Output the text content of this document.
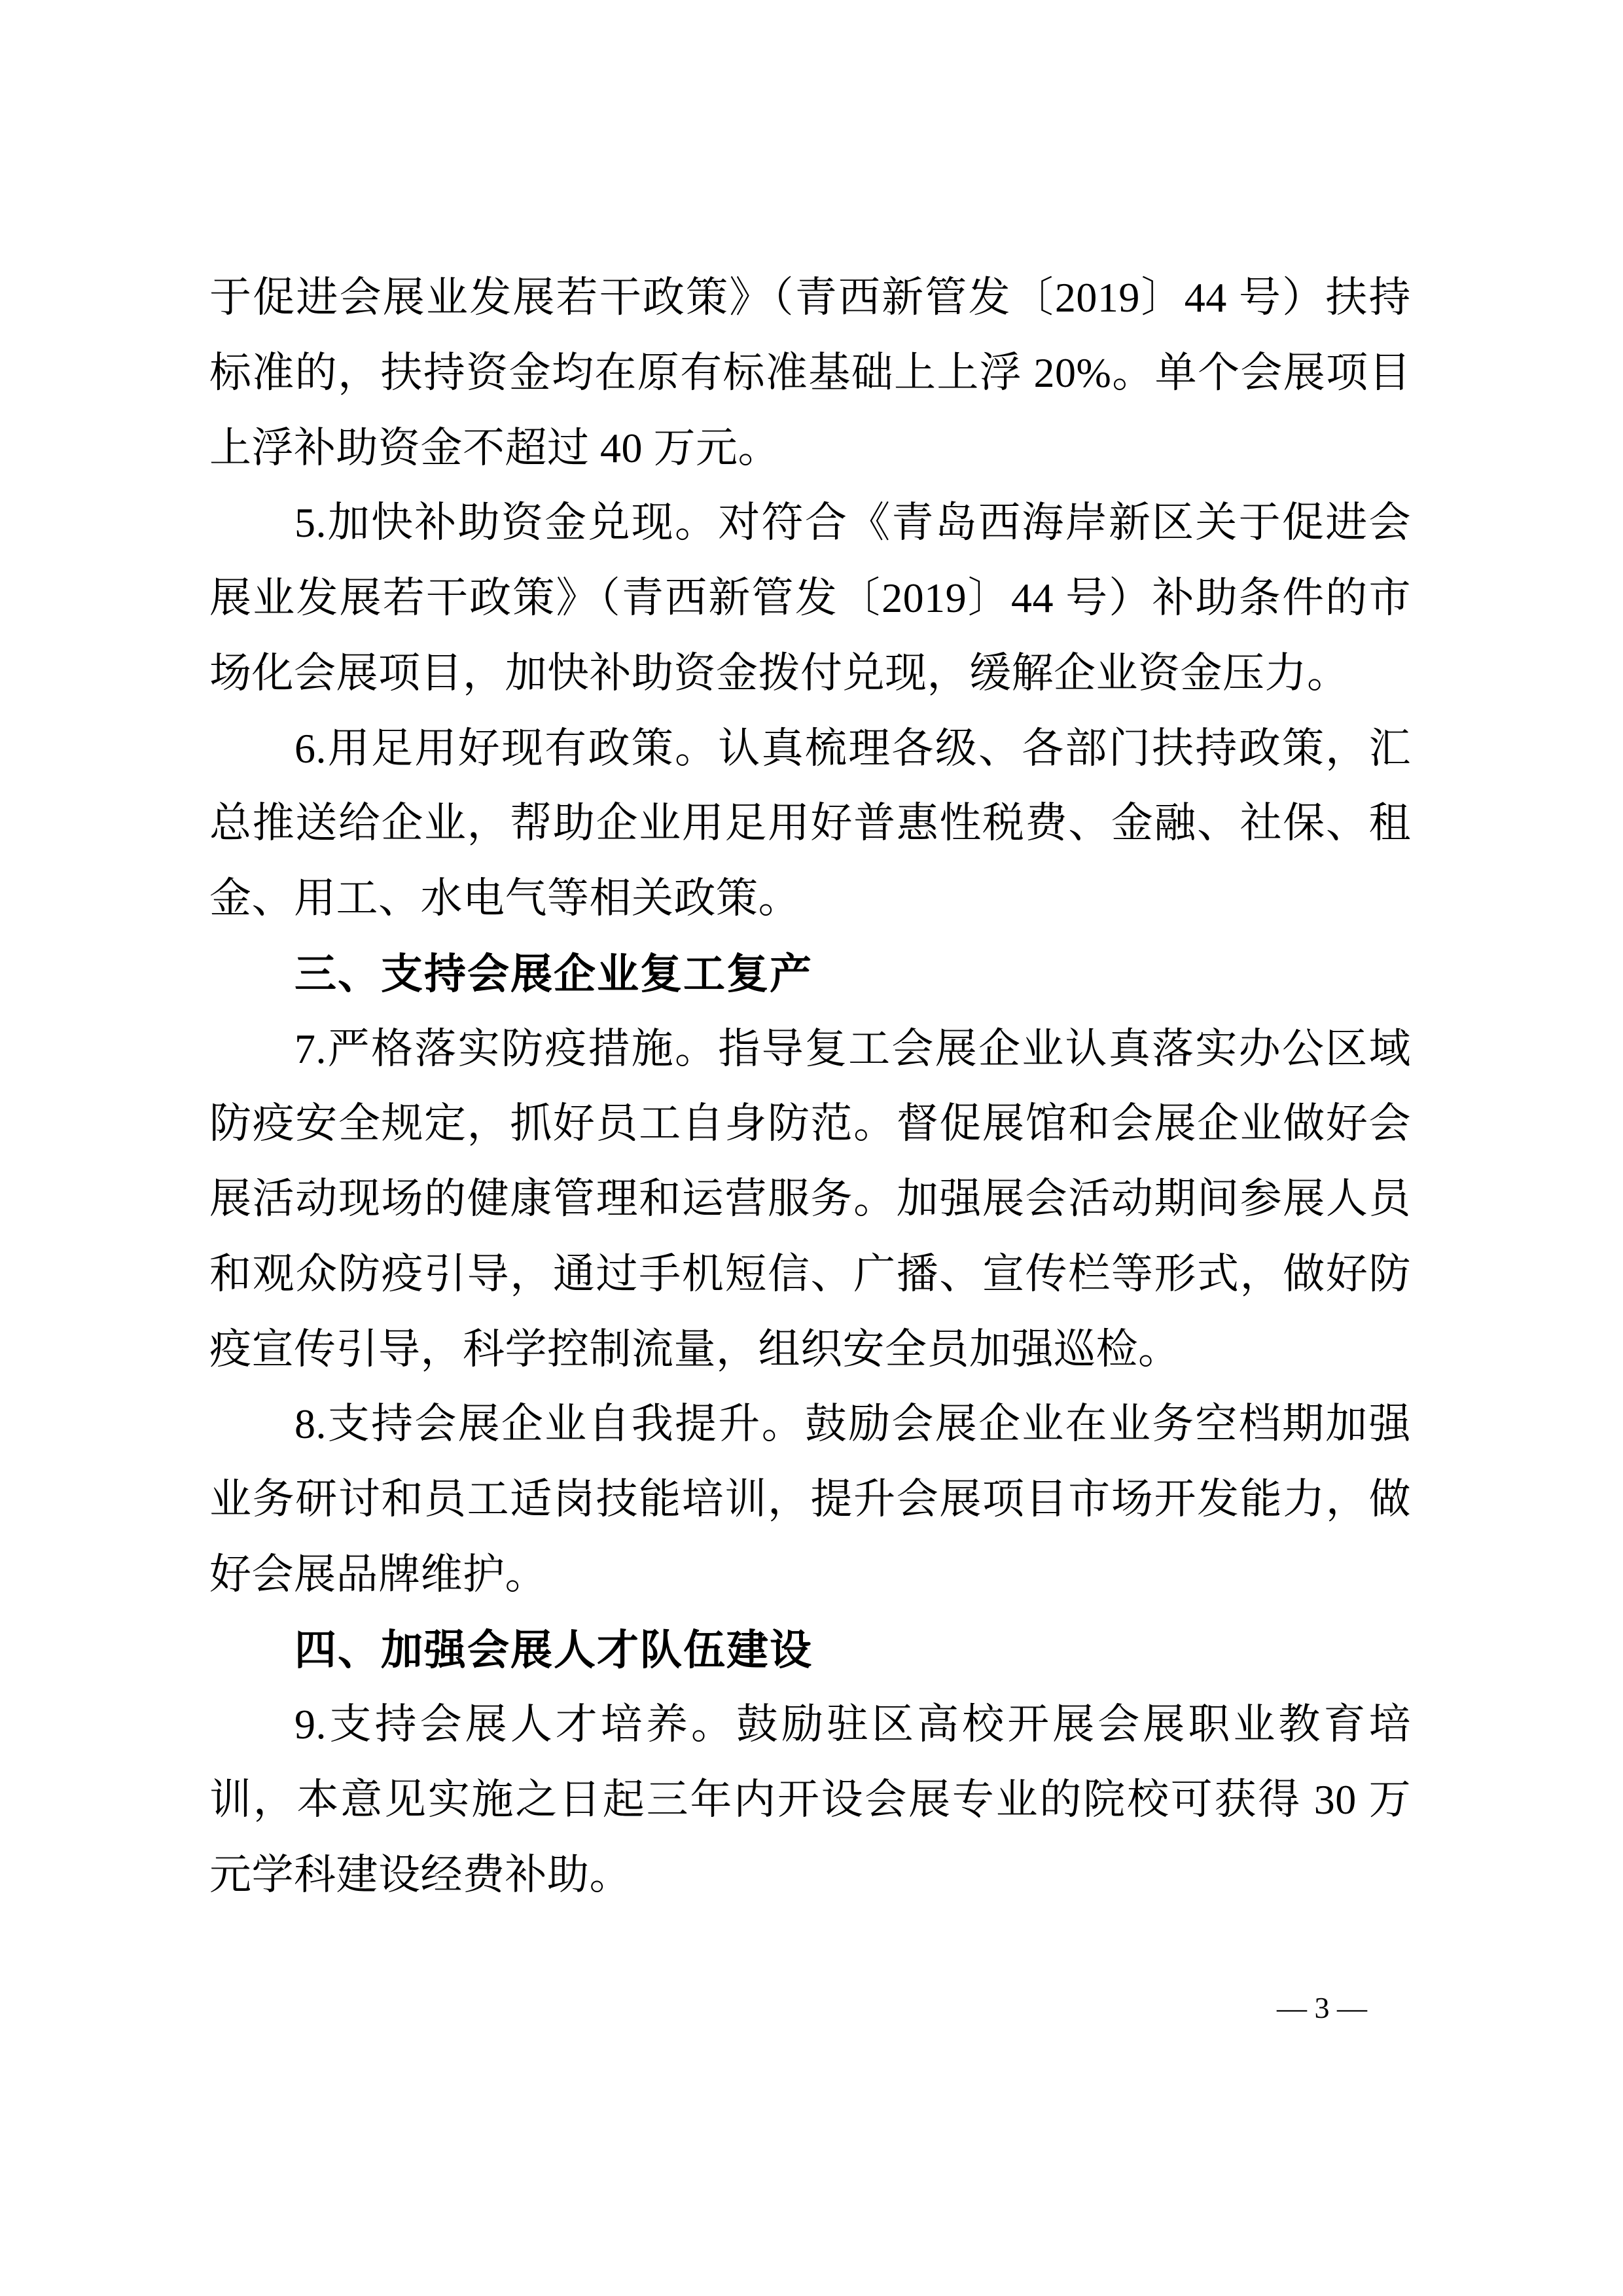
于促进会展业发展若干政策》（青西新管发〔2019〕44 号）扶持
标准的，扶持资金均在原有标准基础上上浮 20%。单个会展项目
上浮补助资金不超过 40 万元。
5.加快补助资金兑现。对符合《青岛西海岸新区关于促进会
展业发展若干政策》（青西新管发〔2019〕44 号）补助条件的市
场化会展项目，加快补助资金拨付兑现，缓解企业资金压力。
6.用足用好现有政策。认真梳理各级、各部门扶持政策，汇
总推送给企业，帮助企业用足用好普惠性税费、金融、社保、租
金、用工、水电气等相关政策。
三、支持会展企业复工复产
7.严格落实防疫措施。指导复工会展企业认真落实办公区域
防疫安全规定，抓好员工自身防范。督促展馆和会展企业做好会
展活动现场的健康管理和运营服务。加强展会活动期间参展人员
和观众防疫引导，通过手机短信、广播、宣传栏等形式，做好防
疫宣传引导，科学控制流量，组织安全员加强巡检。
8.支持会展企业自我提升。鼓励会展企业在业务空档期加强
业务研讨和员工适岗技能培训，提升会展项目市场开发能力，做
好会展品牌维护。
四、加强会展人才队伍建设
9.支持会展人才培养。鼓励驻区高校开展会展职业教育培
训，本意见实施之日起三年内开设会展专业的院校可获得 30 万
元学科建设经费补助。
— 3 —
